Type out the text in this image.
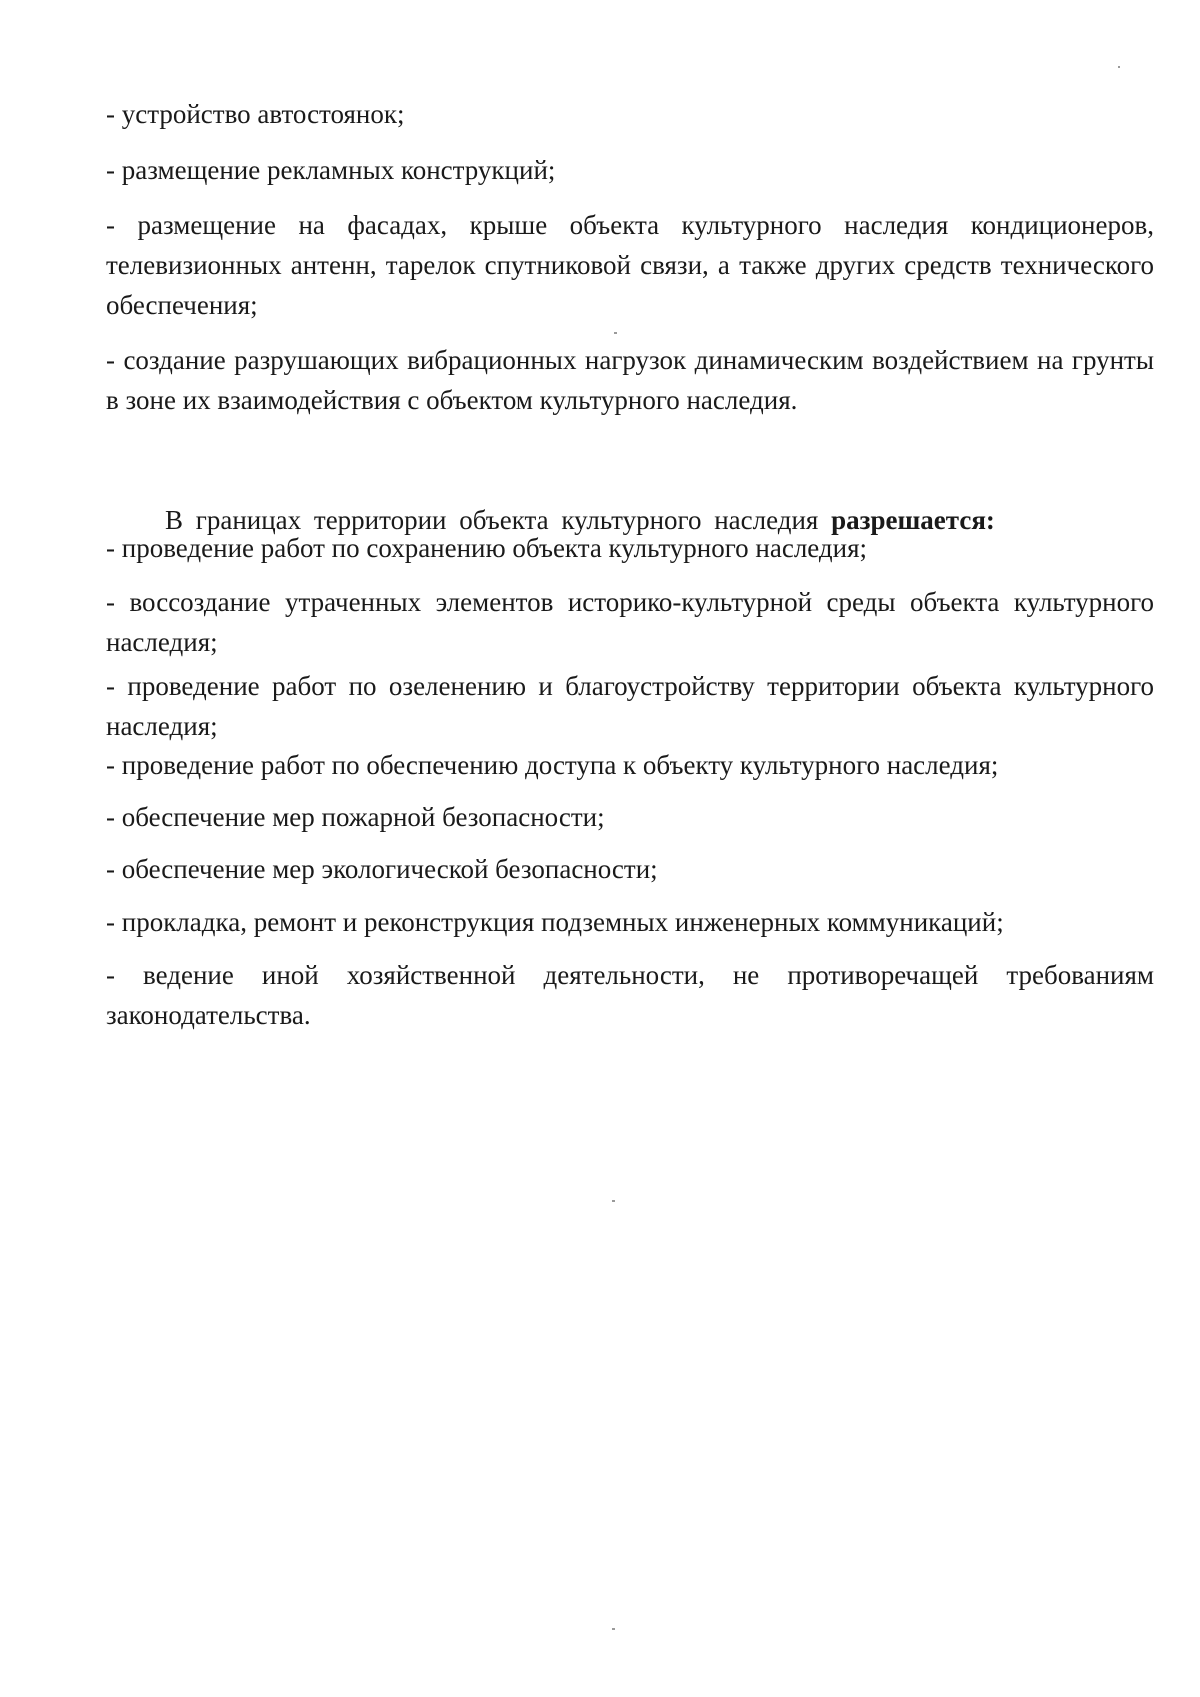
- устройство автостоянок;

- размещение рекламных конструкций;

- размещение на фасадах, крыше объекта культурного наследия кондиционеров, телевизионных антенн, тарелок спутниковой связи, а также других средств технического обеспечения;

- создание разрушающих вибрационных нагрузок динамическим воздействием на грунты в зоне их взаимодействия с объектом культурного наследия.

В границах территории объекта культурного наследия разрешается:

- проведение работ по сохранению объекта культурного наследия;

- воссоздание утраченных элементов историко-культурной среды объекта культурного наследия;

- проведение работ по озеленению и благоустройству территории объекта культурного наследия;

- проведение работ по обеспечению доступа к объекту культурного наследия;

- обеспечение мер пожарной безопасности;

- обеспечение мер экологической безопасности;

- прокладка, ремонт и реконструкция подземных инженерных коммуникаций;

- ведение иной хозяйственной деятельности, не противоречащей требованиям законодательства.
